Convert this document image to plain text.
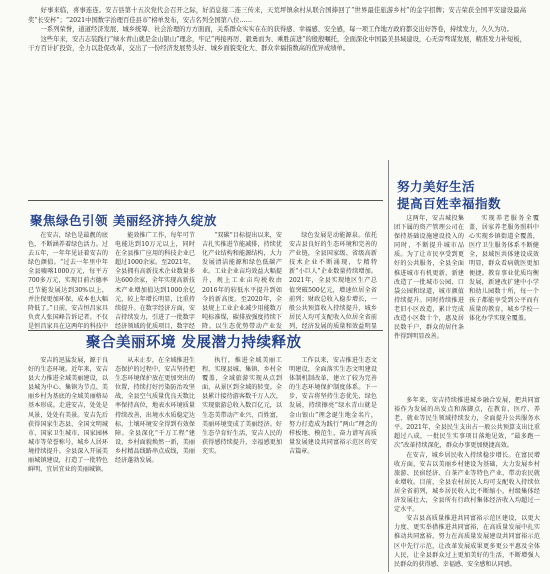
好事来临，喜事连连。安吉县第十五次党代会召开之际，好消息接二连三传来，天荒坪镇余村从联合国捧回了“世界最佳旅游乡村”的金字招牌；安吉荣获全国平安建设最高奖“长安杯”；“2021中国数字治理百佳县市”榜单发布，安吉名列全国第八位……

一系列荣誉，道道经济发展、城乡统筹、社会治理的方方面面，关系群众实实在在的获得感、幸福感、安全感，每一项工作地方政府都交出好答卷，持续发力，久久为功。

这些年来，安吉志装践行“绿水青山就是金山银山”理念，牢记“再接再厉、毅勇而为、乘胜前进”的殷殷嘱托，全面深化中国最美县域建设，心无旁骛谋发展，精准发力补短板，干方百计扩投资，全力以赴促改革，交出了一份经济发展势头好、城乡面貌变化大、群众幸福指数高的优异成绩单。

聚焦绿色引领 美丽经济持久绽放

在安吉，绿色是最靓的底色，不断涵养着绿色活力。过去五年，一年年见证着安吉的绿色颜值。“过去一年里中年全县嘘喀1000万元，每平方700多万元，实现目前古德率已节能发展达到30%以上，并注保更加环保，成本也大幅降低了。”日前，安吉恒昌家具负责人张国峰告诉记者。不仅是恒昌家具在这两年的科技中

能效推广工作，每年可节电能达到10万元以上，同时在全县推广应用的科技企业已超过1000余家。至2021年，全县拥有高新技术企业数量多达600余家，全年实现高新技术产业增加值达到1000余亿元，较上年增长明显，比重持续提升。在数字经济方面，安吉持续发力，引进了一批数字经济领域的优质项目，数字经

“双碳”目标提出以来，安吉扎实推进节能减排，持续优化产业结构和能源结构，大力发展清洁能源和绿色低碳产业。工业企业亩均效益大幅提升，规上工业亩均税收由2016年的较低水平提升到如今的新高度。至2020年，全县规上工业企业减少用能数万吨标准煤，碳排放强度持续下降。以生态优势带动产业发

绿色发展是动能源泉。依托安吉县良好的生态环境和完善的产业链，全县国家级、省级高新技术企业不断涌现，专精特新“小巨人”企业数量持续增加。2021年，全县实现地区生产总值突破500亿元，增速位居全省前列；财政总收入稳步增长，一般公共预算收入持续提升，城乡居民人均可支配收入位居全省前列，经济发展的质量和效益明显

努力美好生活
提高百姓幸福指数

这两年，安吉城投集团下属的资产管理公司在保持基础设施建设投入的同时，不断提升城市品质。为了让市民享受到更好的公共服务，全县全面推进城市有机更新，新建改造了一批城市公园、口袋公园和绿道，城市颜值持续提升。同时持续推进老旧小区改造，累计完成改造小区数十个，惠及居民数千户，群众的居住条件得到明显改善。

实现养老服务全覆盖，居家养老服务照料中心实现乡镇街道全覆盖，医疗卫生服务体系不断健全，县域医共体建设成效明显，群众看病就医更加便捷。教育事业优质均衡发展，新建改扩建中小学和幼儿园数十所，每一个孩子都能享受到公平而有质量的教育，城乡学校一体化办学实现全覆盖。

聚合美丽环境 发展潜力持续释放

安吉的迅猛发展，源于良好的生态环境。近年来，安吉县大力推进全域美丽建设，以县城为中心、集镇为节点、美丽乡村为基底的全域美丽格局基本形成。走进安吉，处处是风景，处处有美景。安吉先后获得国家生态县、全国文明城市、国家卫生城市、国家园林城市等荣誉称号，城乡人居环境持续提升。全县深入开展美丽城镇建设，打造了一批特色鲜明、宜居宜业的美丽城镇。

从未止步，在全域推进生态保护的过程中，安吉坚持把生态环境保护放在更加突出的位置，持续打好污染防治攻坚战，全县空气质量优良天数比率保持高位，地表水环境质量持续改善，出境水水质稳定达标，土壤环境安全得到有效保障。全县深化“千万工程”建设，乡村面貌焕然一新，美丽乡村精品线路串点成线，美丽经济蓬勃发展。

执行，推进全域美丽工程，实现县城、集镇、乡村全覆盖，全域旅游实现从点到面、从景区到全域的转变。全县累计接待游客数千万人次，实现旅游总收入数百亿元，以生态美带动产业兴、百姓富，美丽环境变成了美丽经济。好生态孕育好生活，安吉人民的获得感持续提升，幸福感更加充实。

工作以来，安吉推进生态文明建设，全面落实生态文明建设体制机制改革，建立了较为完善的生态环境保护制度体系。下一步，安吉将坚持生态优先、绿色发展，持续擦亮“绿水青山就是金山银山”理念诞生地金名片，努力打造成为践行“两山”理念的样板地、模范生，奋力谱写高质量发展建设共同富裕示范区的安吉篇章。

多年来，安吉持续推进城乡融合发展，把共同富裕作为发展的出发点和落脚点，在教育、医疗、养老、就业等民生领域持续发力，全面提升公共服务水平。2021年，全县民生支出占一般公共预算支出比重超过八成，一批民生实事项目落地见效，“最多跑一次”改革持续深化，群众办事更加便捷高效。

在安吉，城乡居民收入持续稳步增长。在富民增收方面，安吉以美丽乡村建设为基础，大力发展乡村旅游、民宿经济、白茶产业等特色产业，带动农民就业增收。目前，全县农村居民人均可支配收入持续位居全省前列，城乡居民收入比不断缩小，村级集体经济发展壮大，全县所有行政村集体经济收入均超过一定水平。

安吉县高质量推进共同富裕示范区建设，以更大力度、更实举措推进共同富裕，在高质量发展中扎实推动共同富裕，努力在高质量发展建设共同富裕示范区中先行示范，让改革发展成果更多更公平惠及全体人民，让全县群众过上更加美好的生活，不断增强人民群众的获得感、幸福感、安全感和认同感。
